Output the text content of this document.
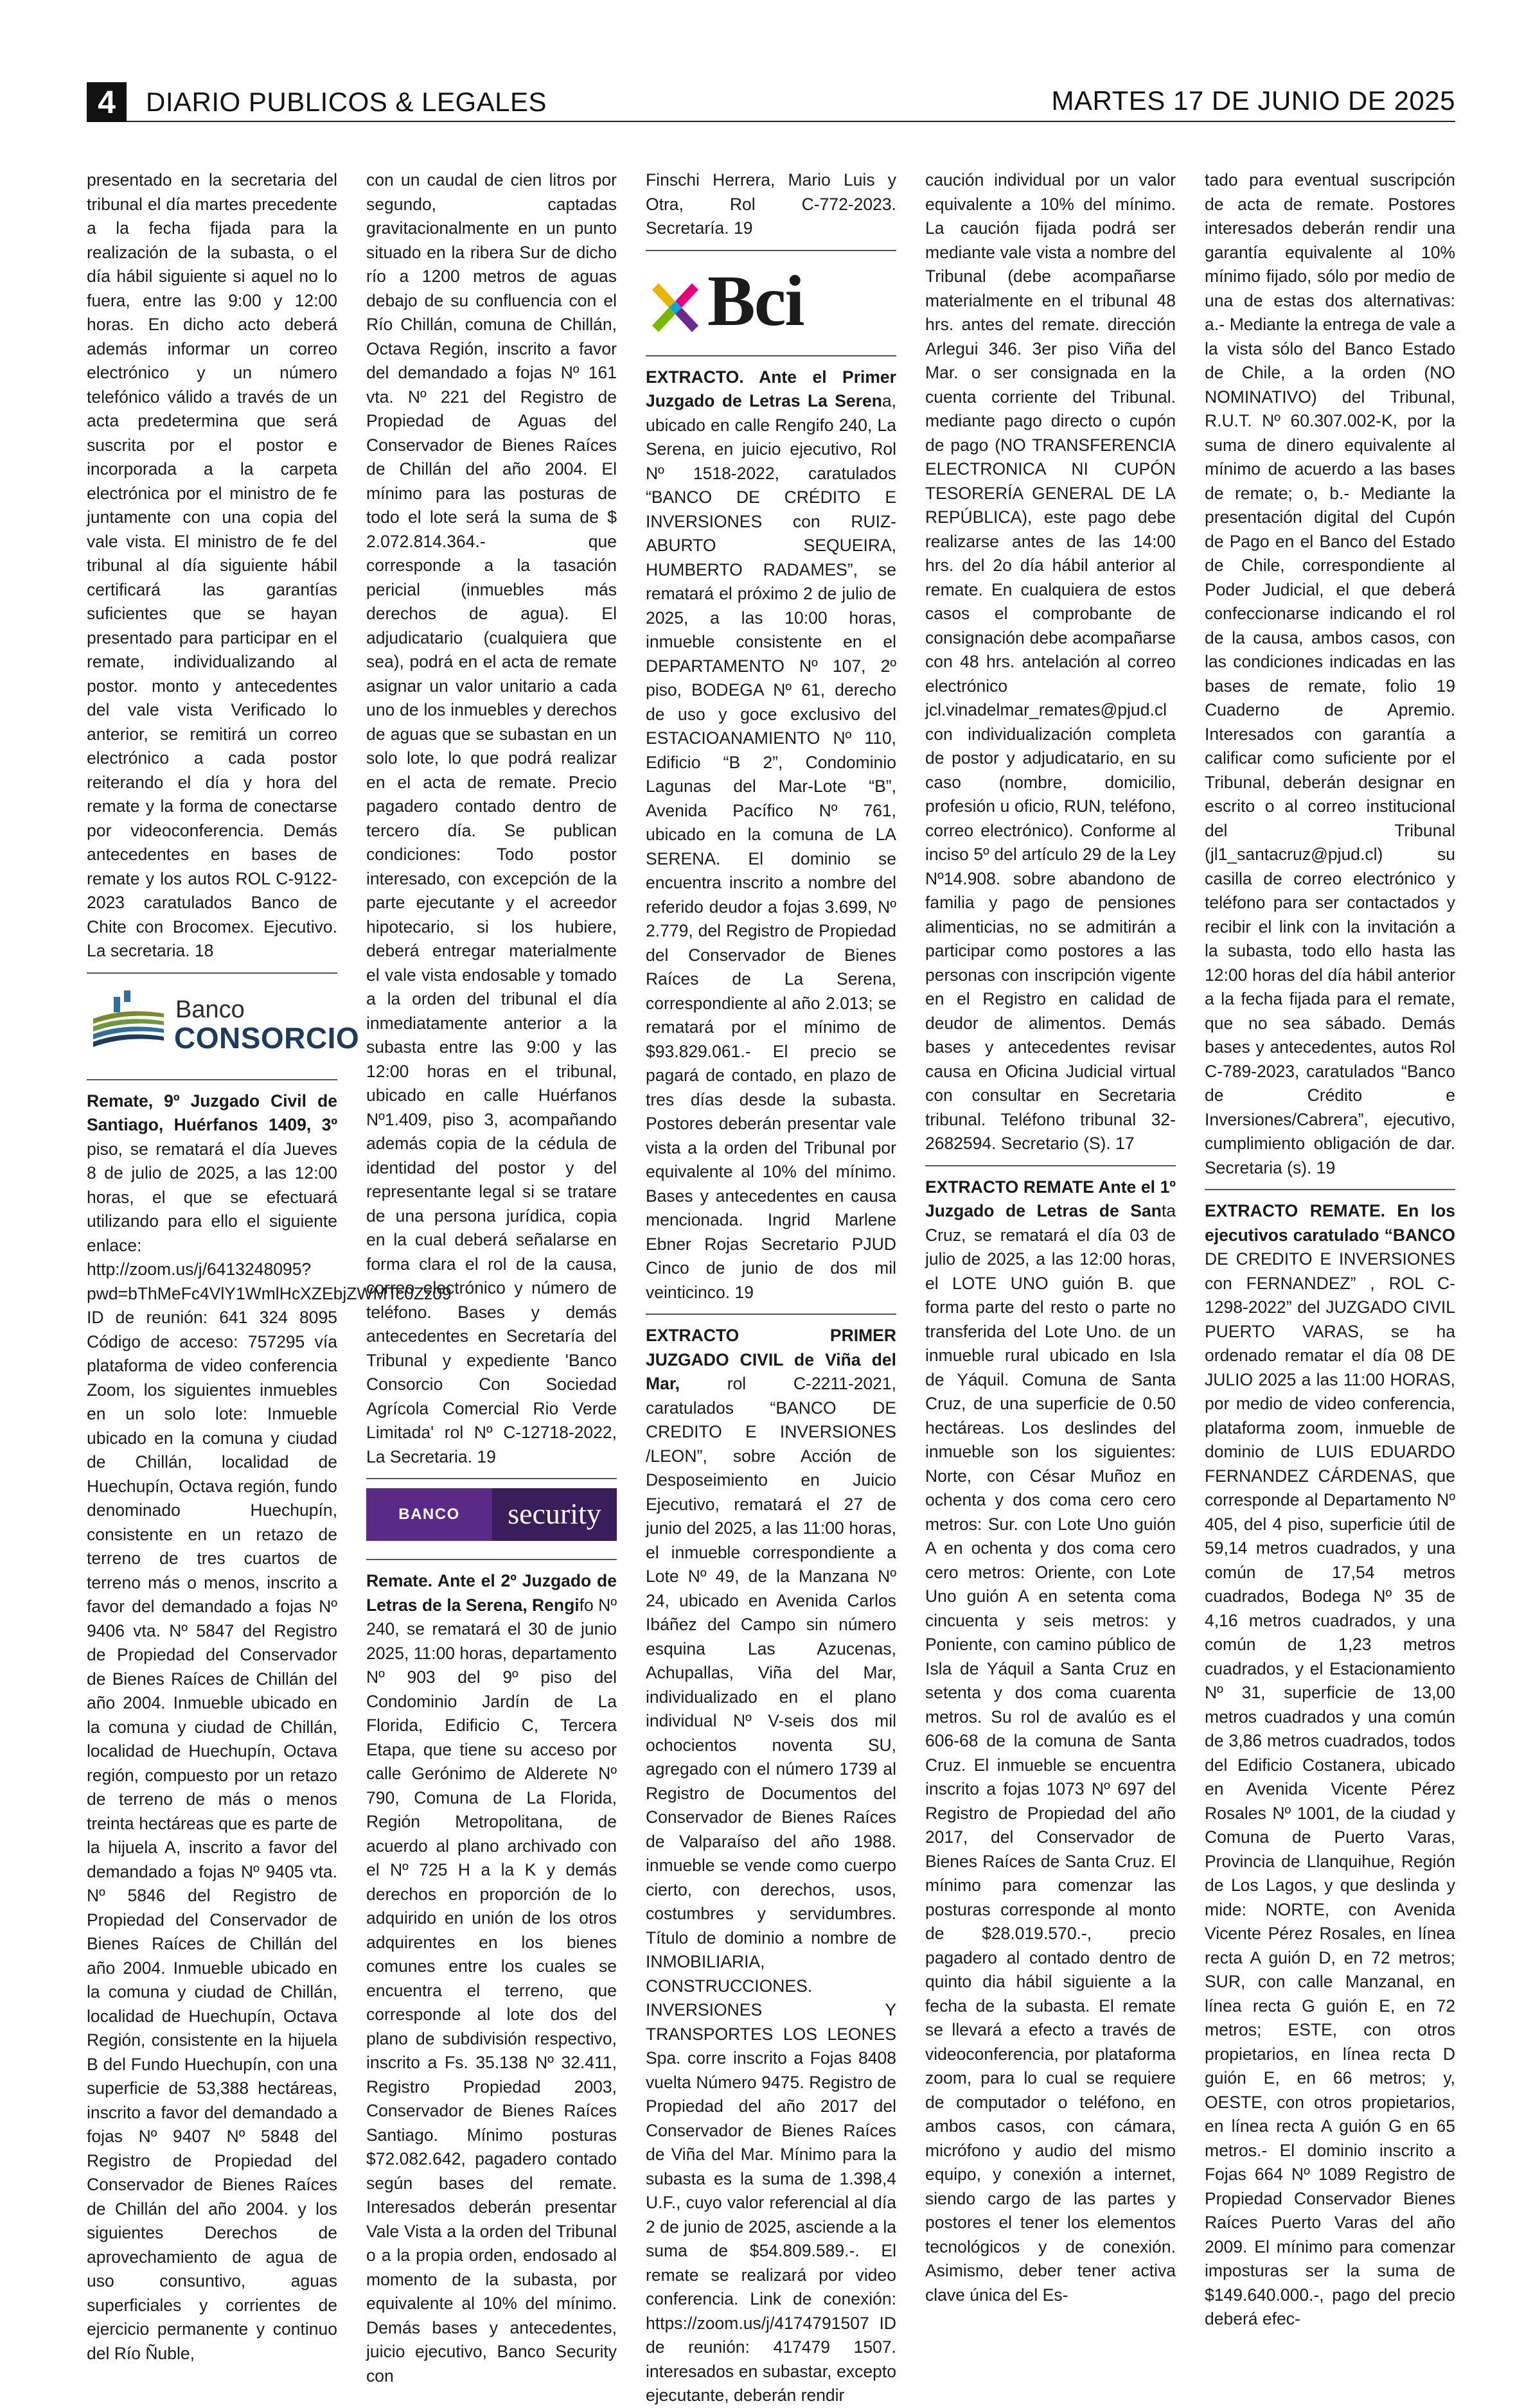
4	DIARIO PUBLICOS & LEGALES	MARTES 17 DE JUNIO DE 2025

presentado en la secretaria del tribunal el día martes precedente a la fecha fijada para la realización de la subasta, o el día hábil siguiente si aquel no lo fuera, entre las 9:00 y 12:00 horas. En dicho acto deberá además informar un correo electrónico y un número telefónico válido a través de un acta predetermina que será suscrita por el postor e incorporada a la carpeta electrónica por el ministro de fe juntamente con una copia del vale vista. El ministro de fe del tribunal al día siguiente hábil certificará las garantías suficientes que se hayan presentado para participar en el remate, individualizando al postor. monto y antecedentes del vale vista Verificado lo anterior, se remitirá un correo electrónico a cada postor reiterando el día y hora del remate y la forma de conectarse por videoconferencia. Demás antecedentes en bases de remate y los autos ROL C-9122-2023 caratulados Banco de Chite con Brocomex. Ejecutivo. La secretaria. 18

Banco
CONSORCIO

Remate, 9º Juzgado Civil de Santiago, Huérfanos 1409, 3º piso, se rematará el día Jueves 8 de julio de 2025, a las 12:00 horas, el que se efectuará utilizando para ello el siguiente enlace: http://zoom.us/j/6413248095?pwd=bThMeFc4VlY1WmlHcXZEbjZWMTc0Zz09 ID de reunión: 641 324 8095 Código de acceso: 757295 vía plataforma de video conferencia Zoom, los siguientes inmuebles en un solo lote: Inmueble ubicado en la comuna y ciudad de Chillán, localidad de Huechupín, Octava región, fundo denominado Huechupín, consistente en un retazo de terreno de tres cuartos de terreno más o menos, inscrito a favor del demandado a fojas Nº 9406 vta. Nº 5847 del Registro de Propiedad del Conservador de Bienes Raíces de Chillán del año 2004. Inmueble ubicado en la comuna y ciudad de Chillán, localidad de Huechupín, Octava región, compuesto por un retazo de terreno de más o menos treinta hectáreas que es parte de la hijuela A, inscrito a favor del demandado a fojas Nº 9405 vta. Nº 5846 del Registro de Propiedad del Conservador de Bienes Raíces de Chillán del año 2004. Inmueble ubicado en la comuna y ciudad de Chillán, localidad de Huechupín, Octava Región, consistente en la hijuela B del Fundo Huechupín, con una superficie de 53,388 hectáreas, inscrito a favor del demandado a fojas Nº 9407 Nº 5848 del Registro de Propiedad del Conservador de Bienes Raíces de Chillán del año 2004. y los siguientes Derechos de aprovechamiento de agua de uso consuntivo, aguas superficiales y corrientes de ejercicio permanente y continuo del Río Ñuble,

con un caudal de cien litros por segundo, captadas gravitacionalmente en un punto situado en la ribera Sur de dicho río a 1200 metros de aguas debajo de su confluencia con el Río Chillán, comuna de Chillán, Octava Región, inscrito a favor del demandado a fojas Nº 161 vta. Nº 221 del Registro de Propiedad de Aguas del Conservador de Bienes Raíces de Chillán del año 2004. El mínimo para las posturas de todo el lote será la suma de $ 2.072.814.364.- que corresponde a la tasación pericial (inmuebles más derechos de agua). El adjudicatario (cualquiera que sea), podrá en el acta de remate asignar un valor unitario a cada uno de los inmuebles y derechos de aguas que se subastan en un solo lote, lo que podrá realizar en el acta de remate. Precio pagadero contado dentro de tercero día. Se publican condiciones: Todo postor interesado, con excepción de la parte ejecutante y el acreedor hipotecario, si los hubiere, deberá entregar materialmente el vale vista endosable y tomado a la orden del tribunal el día inmediatamente anterior a la subasta entre las 9:00 y las 12:00 horas en el tribunal, ubicado en calle Huérfanos Nº1.409, piso 3, acompañando además copia de la cédula de identidad del postor y del representante legal si se tratare de una persona jurídica, copia en la cual deberá señalarse en forma clara el rol de la causa, correo electrónico y número de teléfono. Bases y demás antecedentes en Secretaría del Tribunal y expediente 'Banco Consorcio Con Sociedad Agrícola Comercial Rio Verde Limitada' rol Nº C-12718-2022, La Secretaria. 19

BANCO	security

Remate. Ante el 2º Juzgado de Letras de la Serena, Rengifo Nº 240, se rematará el 30 de junio 2025, 11:00 horas, departamento Nº 903 del 9º piso del Condominio Jardín de La Florida, Edificio C, Tercera Etapa, que tiene su acceso por calle Gerónimo de Alderete Nº 790, Comuna de La Florida, Región Metropolitana, de acuerdo al plano archivado con el Nº 725 H a la K y demás derechos en proporción de lo adquirido en unión de los otros adquirentes en los bienes comunes entre los cuales se encuentra el terreno, que corresponde al lote dos del plano de subdivisión respectivo, inscrito a Fs. 35.138 Nº 32.411, Registro Propiedad 2003, Conservador de Bienes Raíces Santiago. Mínimo posturas $72.082.642, pagadero contado según bases del remate. Interesados deberán presentar Vale Vista a la orden del Tribunal o a la propia orden, endosado al momento de la subasta, por equivalente al 10% del mínimo. Demás bases y antecedentes, juicio ejecutivo, Banco Security con

Finschi Herrera, Mario Luis y Otra, Rol C-772-2023. Secretaría. 19

Bci

EXTRACTO. Ante el Primer Juzgado de Letras La Serena, ubicado en calle Rengifo 240, La Serena, en juicio ejecutivo, Rol Nº 1518-2022, caratulados “BANCO DE CRÉDITO E INVERSIONES con RUIZ-ABURTO SEQUEIRA, HUMBERTO RADAMES”, se rematará el próximo 2 de julio de 2025, a las 10:00 horas, inmueble consistente en el DEPARTAMENTO Nº 107, 2º piso, BODEGA Nº 61, derecho de uso y goce exclusivo del ESTACIOANAMIENTO Nº 110, Edificio “B 2”, Condominio Lagunas del Mar-Lote “B”, Avenida Pacífico Nº 761, ubicado en la comuna de LA SERENA. El dominio se encuentra inscrito a nombre del referido deudor a fojas 3.699, Nº 2.779, del Registro de Propiedad del Conservador de Bienes Raíces de La Serena, correspondiente al año 2.013; se rematará por el mínimo de $93.829.061.- El precio se pagará de contado, en plazo de tres días desde la subasta. Postores deberán presentar vale vista a la orden del Tribunal por equivalente al 10% del mínimo. Bases y antecedentes en causa mencionada. Ingrid Marlene Ebner Rojas Secretario PJUD Cinco de junio de dos mil veinticinco. 19

EXTRACTO PRIMER JUZGADO CIVIL de Viña del Mar, rol C-2211-2021, caratulados “BANCO DE CREDITO E INVERSIONES /LEON”, sobre Acción de Desposeimiento en Juicio Ejecutivo, rematará el 27 de junio del 2025, a las 11:00 horas, el inmueble correspondiente a Lote Nº 49, de la Manzana Nº 24, ubicado en Avenida Carlos Ibáñez del Campo sin número esquina Las Azucenas, Achupallas, Viña del Mar, individualizado en el plano individual Nº V-seis dos mil ochocientos noventa SU, agregado con el número 1739 al Registro de Documentos del Conservador de Bienes Raíces de Valparaíso del año 1988. inmueble se vende como cuerpo cierto, con derechos, usos, costumbres y servidumbres. Título de dominio a nombre de INMOBILIARIA, CONSTRUCCIONES. INVERSIONES Y TRANSPORTES LOS LEONES Spa. corre inscrito a Fojas 8408 vuelta Número 9475. Registro de Propiedad del año 2017 del Conservador de Bienes Raíces de Viña del Mar. Mínimo para la subasta es la suma de 1.398,4 U.F., cuyo valor referencial al día 2 de junio de 2025, asciende a la suma de $54.809.589.-. El remate se realizará por video conferencia. Link de conexión: https://zoom.us/j/4174791507 ID de reunión: 417479 1507. interesados en subastar, excepto ejecutante, deberán rendir

caución individual por un valor equivalente a 10% del mínimo. La caución fijada podrá ser mediante vale vista a nombre del Tribunal (debe acompañarse materialmente en el tribunal 48 hrs. antes del remate. dirección Arlegui 346. 3er piso Viña del Mar. o ser consignada en la cuenta corriente del Tribunal. mediante pago directo o cupón de pago (NO TRANSFERENCIA ELECTRONICA NI CUPÓN TESORERÍA GENERAL DE LA REPÚBLICA), este pago debe realizarse antes de las 14:00 hrs. del 2o día hábil anterior al remate. En cualquiera de estos casos el comprobante de consignación debe acompañarse con 48 hrs. antelación al correo electrónico jcl.vinadelmar_remates@pjud.cl con individualización completa de postor y adjudicatario, en su caso (nombre, domicilio, profesión u oficio, RUN, teléfono, correo electrónico). Conforme al inciso 5º del artículo 29 de la Ley Nº14.908. sobre abandono de familia y pago de pensiones alimenticias, no se admitirán a participar como postores a las personas con inscripción vigente en el Registro en calidad de deudor de alimentos. Demás bases y antecedentes revisar causa en Oficina Judicial virtual con consultar en Secretaria tribunal. Teléfono tribunal 32-2682594. Secretario (S). 17

EXTRACTO REMATE Ante el 1º Juzgado de Letras de Santa Cruz, se rematará el día 03 de julio de 2025, a las 12:00 horas, el LOTE UNO guión B. que forma parte del resto o parte no transferida del Lote Uno. de un inmueble rural ubicado en Isla de Yáquil. Comuna de Santa Cruz, de una superficie de 0.50 hectáreas. Los deslindes del inmueble son los siguientes: Norte, con César Muñoz en ochenta y dos coma cero cero metros: Sur. con Lote Uno guión A en ochenta y dos coma cero cero metros: Oriente, con Lote Uno guión A en setenta coma cincuenta y seis metros: y Poniente, con camino público de Isla de Yáquil a Santa Cruz en setenta y dos coma cuarenta metros. Su rol de avalúo es el 606-68 de la comuna de Santa Cruz. El inmueble se encuentra inscrito a fojas 1073 Nº 697 del Registro de Propiedad del año 2017, del Conservador de Bienes Raíces de Santa Cruz. El mínimo para comenzar las posturas corresponde al monto de $28.019.570.-, precio pagadero al contado dentro de quinto dia hábil siguiente a la fecha de la subasta. El remate se llevará a efecto a través de videoconferencia, por plataforma zoom, para lo cual se requiere de computador o teléfono, en ambos casos, con cámara, micrófono y audio del mismo equipo, y conexión a internet, siendo cargo de las partes y postores el tener los elementos tecnológicos y de conexión. Asimismo, deber tener activa clave única del Es-

tado para eventual suscripción de acta de remate. Postores interesados deberán rendir una garantía equivalente al 10% mínimo fijado, sólo por medio de una de estas dos alternativas: a.- Mediante la entrega de vale a la vista sólo del Banco Estado de Chile, a la orden (NO NOMINATIVO) del Tribunal, R.U.T. Nº 60.307.002-K, por la suma de dinero equivalente al mínimo de acuerdo a las bases de remate; o, b.- Mediante la presentación digital del Cupón de Pago en el Banco del Estado de Chile, correspondiente al Poder Judicial, el que deberá confeccionarse indicando el rol de la causa, ambos casos, con las condiciones indicadas en las bases de remate, folio 19 Cuaderno de Apremio. Interesados con garantía a calificar como suficiente por el Tribunal, deberán designar en escrito o al correo institucional del Tribunal (jl1_santacruz@pjud.cl) su casilla de correo electrónico y teléfono para ser contactados y recibir el link con la invitación a la subasta, todo ello hasta las 12:00 horas del día hábil anterior a la fecha fijada para el remate, que no sea sábado. Demás bases y antecedentes, autos Rol C-789-2023, caratulados “Banco de Crédito e Inversiones/Cabrera”, ejecutivo, cumplimiento obligación de dar. Secretaria (s). 19

EXTRACTO REMATE. En los ejecutivos caratulado “BANCO DE CREDITO E INVERSIONES con FERNANDEZ” , ROL C-1298-2022” del JUZGADO CIVIL PUERTO VARAS, se ha ordenado rematar el día 08 DE JULIO 2025 a las 11:00 HORAS, por medio de video conferencia, plataforma zoom, inmueble de dominio de LUIS EDUARDO FERNANDEZ CÁRDENAS, que corresponde al Departamento Nº 405, del 4 piso, superficie útil de 59,14 metros cuadrados, y una común de 17,54 metros cuadrados, Bodega Nº 35 de 4,16 metros cuadrados, y una común de 1,23 metros cuadrados, y el Estacionamiento Nº 31, superficie de 13,00 metros cuadrados y una común de 3,86 metros cuadrados, todos del Edificio Costanera, ubicado en Avenida Vicente Pérez Rosales Nº 1001, de la ciudad y Comuna de Puerto Varas, Provincia de Llanquihue, Región de Los Lagos, y que deslinda y mide: NORTE, con Avenida Vicente Pérez Rosales, en línea recta A guión D, en 72 metros; SUR, con calle Manzanal, en línea recta G guión E, en 72 metros; ESTE, con otros propietarios, en línea recta D guión E, en 66 metros; y, OESTE, con otros propietarios, en línea recta A guión G en 65 metros.- El dominio inscrito a Fojas 664 Nº 1089 Registro de Propiedad Conservador Bienes Raíces Puerto Varas del año 2009. El mínimo para comenzar imposturas ser la suma de $149.640.000.-, pago del precio deberá efec-
